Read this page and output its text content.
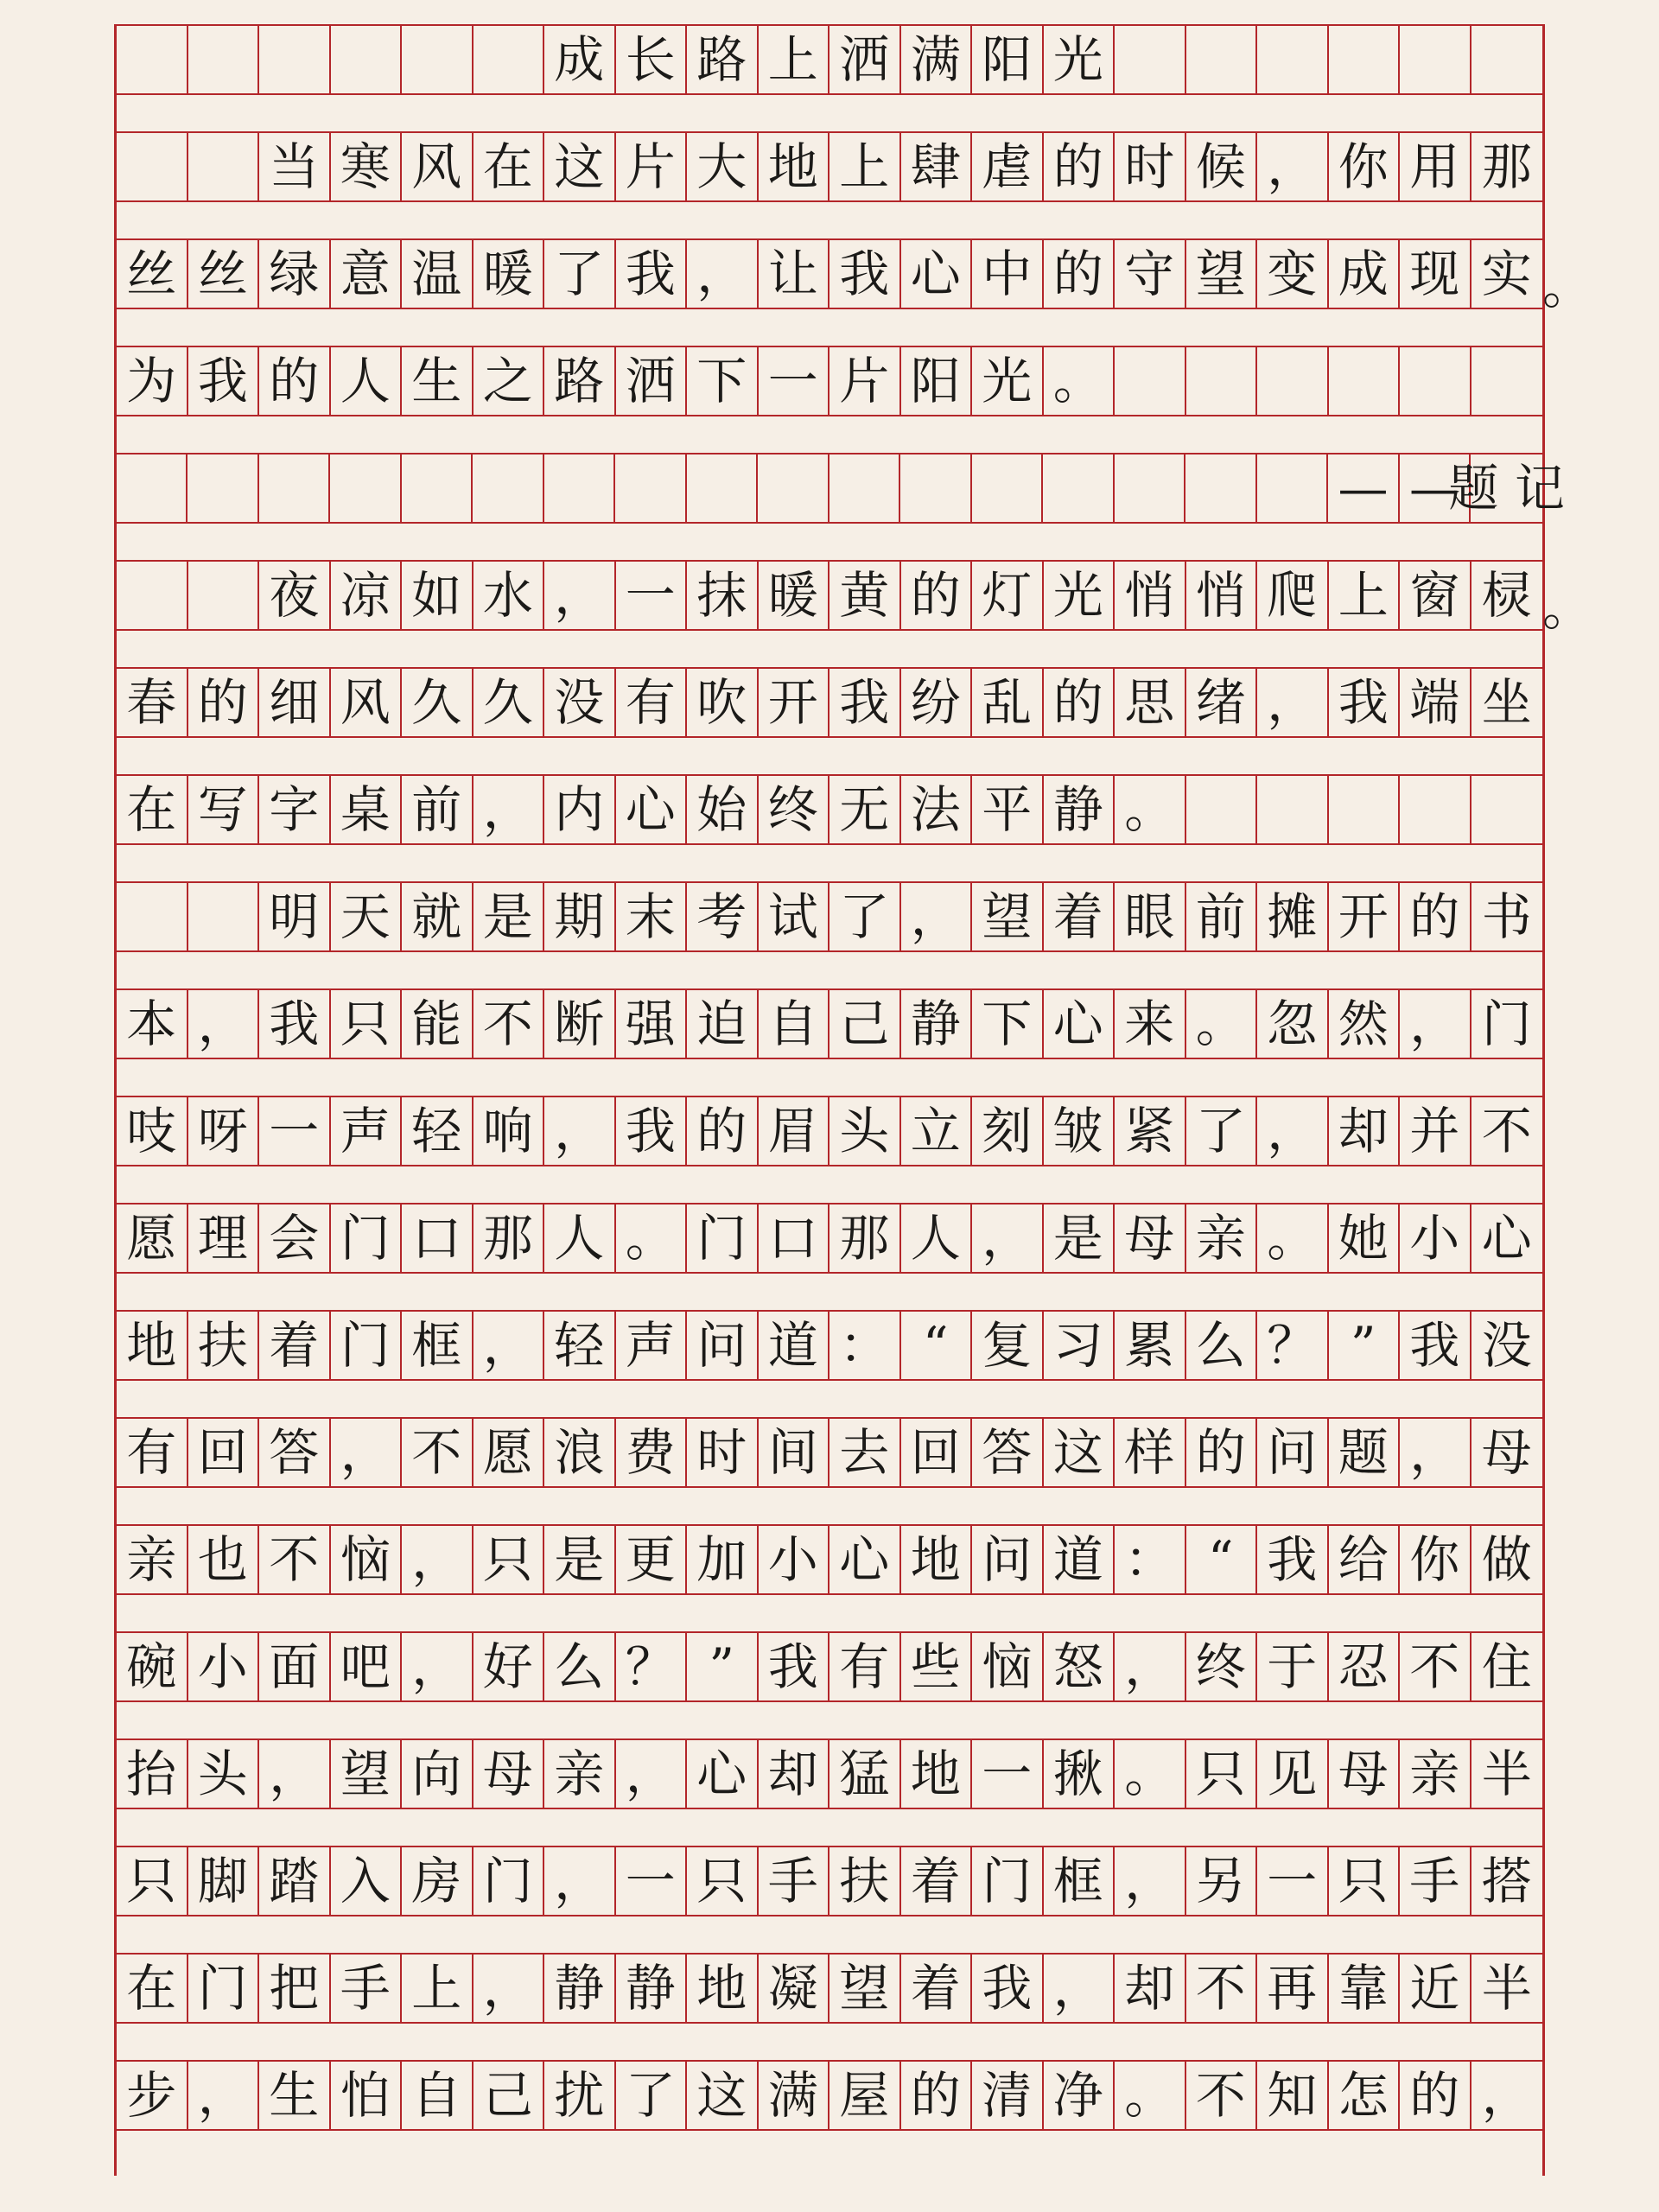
成 长 路 上 洒 满 阳 光
当 寒 风 在 这 片 大 地 上 肆 虐 的 时 候 ， 你 用 那
丝 丝 绿 意 温 暖 了 我 ， 让 我 心 中 的 守 望 变 成 现 实 。
为 我 的 人 生 之 路 洒 下 一 片 阳 光 。
— —
题 记
夜 凉 如 水 ， 一 抹 暖 黄 的 灯 光 悄 悄 爬 上 窗 棂 。
春 的 细 风 久 久 没 有 吹 开 我 纷 乱 的 思 绪 ， 我 端 坐
在 写 字 桌 前 ， 内 心 始 终 无 法 平 静 。
明 天 就 是 期 末 考 试 了 ， 望 着 眼 前 摊 开 的 书
本 ， 我 只 能 不 断 强 迫 自 己 静 下 心 来 。 忽 然 ， 门
吱 呀 一 声 轻 响 ， 我 的 眉 头 立 刻 皱 紧 了 ， 却 并 不
愿 理 会 门 口 那 人 。 门 口 那 人 ， 是 母 亲 。 她 小 心
地 扶 着 门 框 ， 轻 声 问 道 ： “ 复 习 累 么 ？ ” 我 没
有 回 答 ， 不 愿 浪 费 时 间 去 回 答 这 样 的 问 题 ， 母
亲 也 不 恼 ， 只 是 更 加 小 心 地 问 道 ： “ 我 给 你 做
碗 小 面 吧 ， 好 么 ？ ” 我 有 些 恼 怒 ， 终 于 忍 不 住
抬 头 ， 望 向 母 亲 ， 心 却 猛 地 一 揪 。 只 见 母 亲 半
只 脚 踏 入 房 门 ， 一 只 手 扶 着 门 框 ， 另 一 只 手 搭
在 门 把 手 上 ， 静 静 地 凝 望 着 我 ， 却 不 再 靠 近 半
步 ， 生 怕 自 己 扰 了 这 满 屋 的 清 净 。 不 知 怎 的 ，
